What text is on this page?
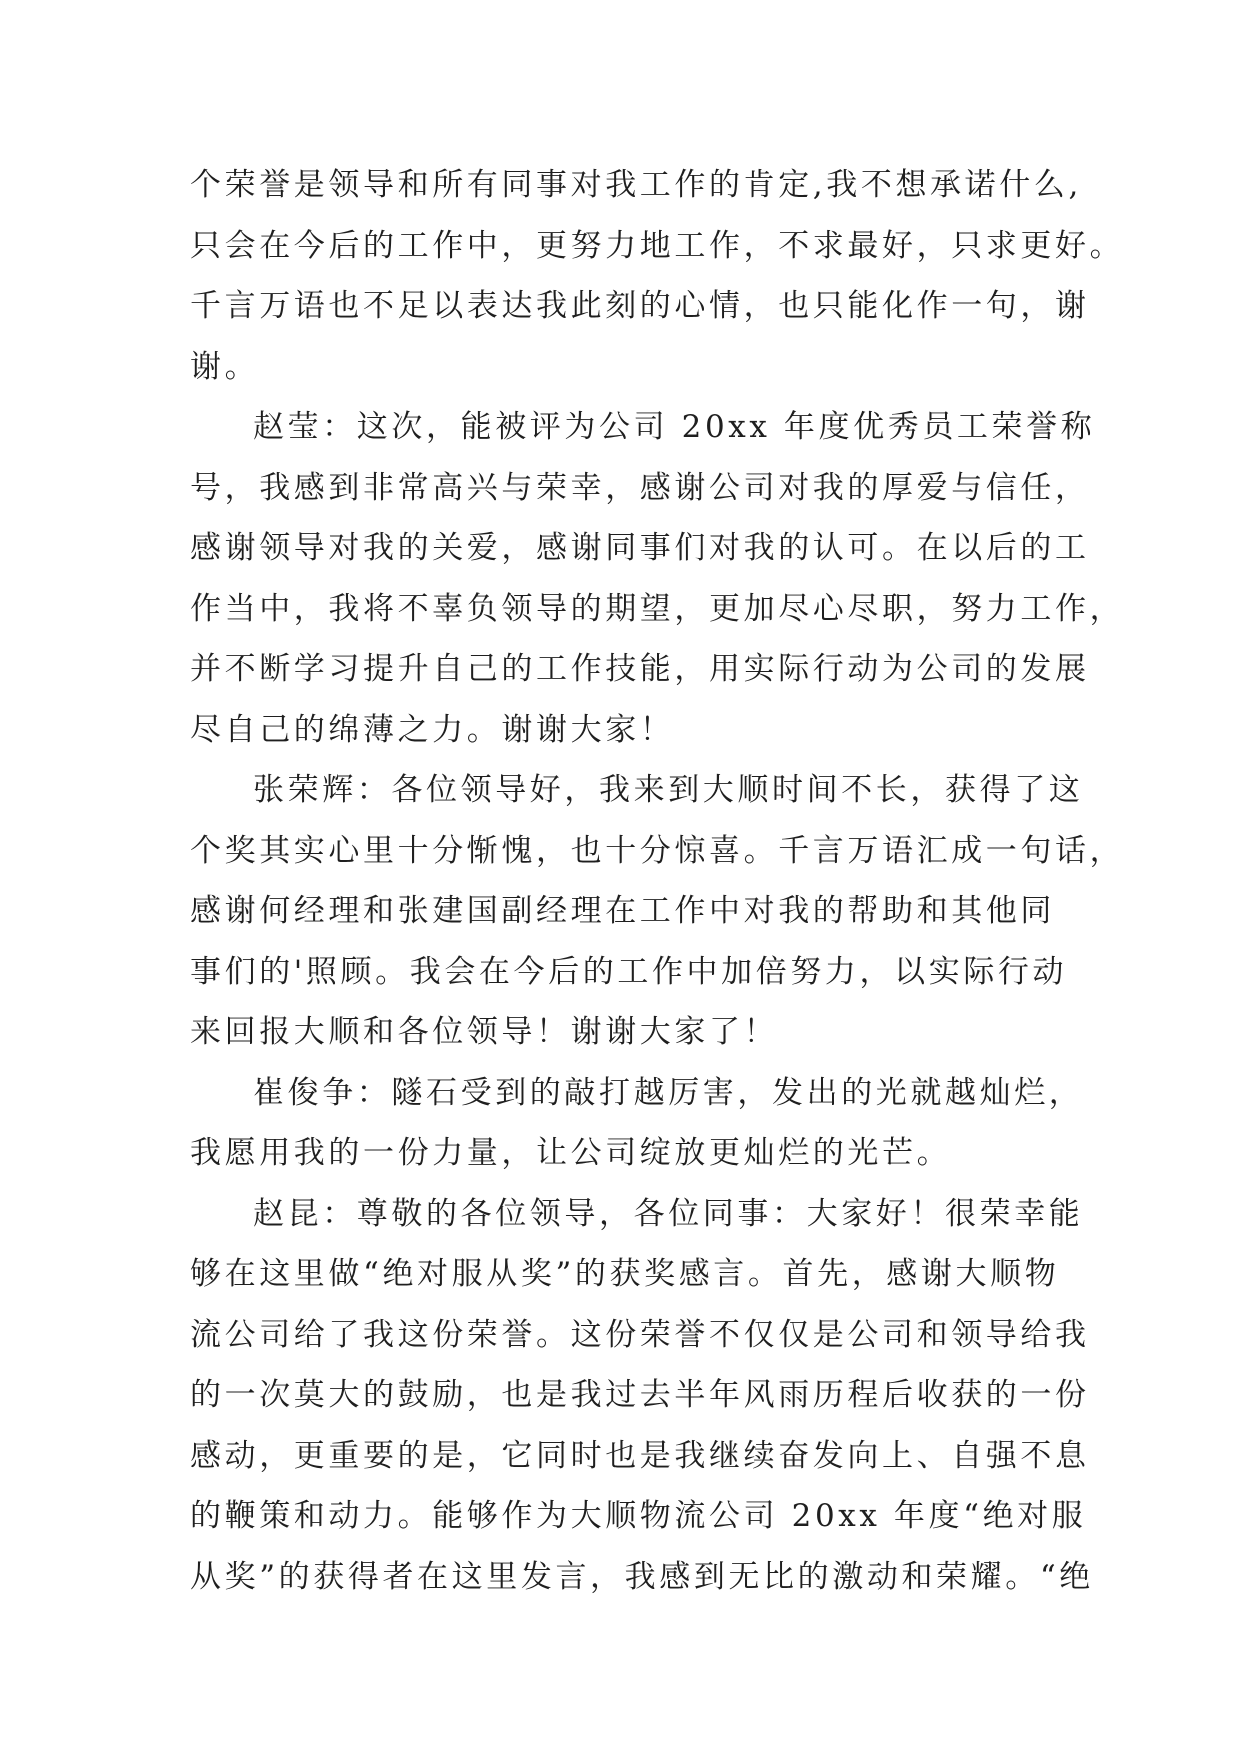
个荣誉是领导和所有同事对我工作的肯定,我不想承诺什么,
只会在今后的工作中，更努力地工作，不求最好，只求更好。
千言万语也不足以表达我此刻的心情，也只能化作一句，谢
谢。
赵莹：这次，能被评为公司 20xx 年度优秀员工荣誉称
号，我感到非常高兴与荣幸，感谢公司对我的厚爱与信任，
感谢领导对我的关爱，感谢同事们对我的认可。在以后的工
作当中，我将不辜负领导的期望，更加尽心尽职，努力工作，
并不断学习提升自己的工作技能，用实际行动为公司的发展
尽自己的绵薄之力。谢谢大家！
张荣辉：各位领导好，我来到大顺时间不长，获得了这
个奖其实心里十分惭愧，也十分惊喜。千言万语汇成一句话，
感谢何经理和张建国副经理在工作中对我的帮助和其他同
事们的'照顾。我会在今后的工作中加倍努力，以实际行动
来回报大顺和各位领导！谢谢大家了！
崔俊争：隧石受到的敲打越厉害，发出的光就越灿烂，
我愿用我的一份力量，让公司绽放更灿烂的光芒。
赵昆：尊敬的各位领导，各位同事：大家好！很荣幸能
够在这里做“绝对服从奖”的获奖感言。首先，感谢大顺物
流公司给了我这份荣誉。这份荣誉不仅仅是公司和领导给我
的一次莫大的鼓励，也是我过去半年风雨历程后收获的一份
感动，更重要的是，它同时也是我继续奋发向上、自强不息
的鞭策和动力。能够作为大顺物流公司 20xx 年度“绝对服
从奖”的获得者在这里发言，我感到无比的激动和荣耀。“绝
